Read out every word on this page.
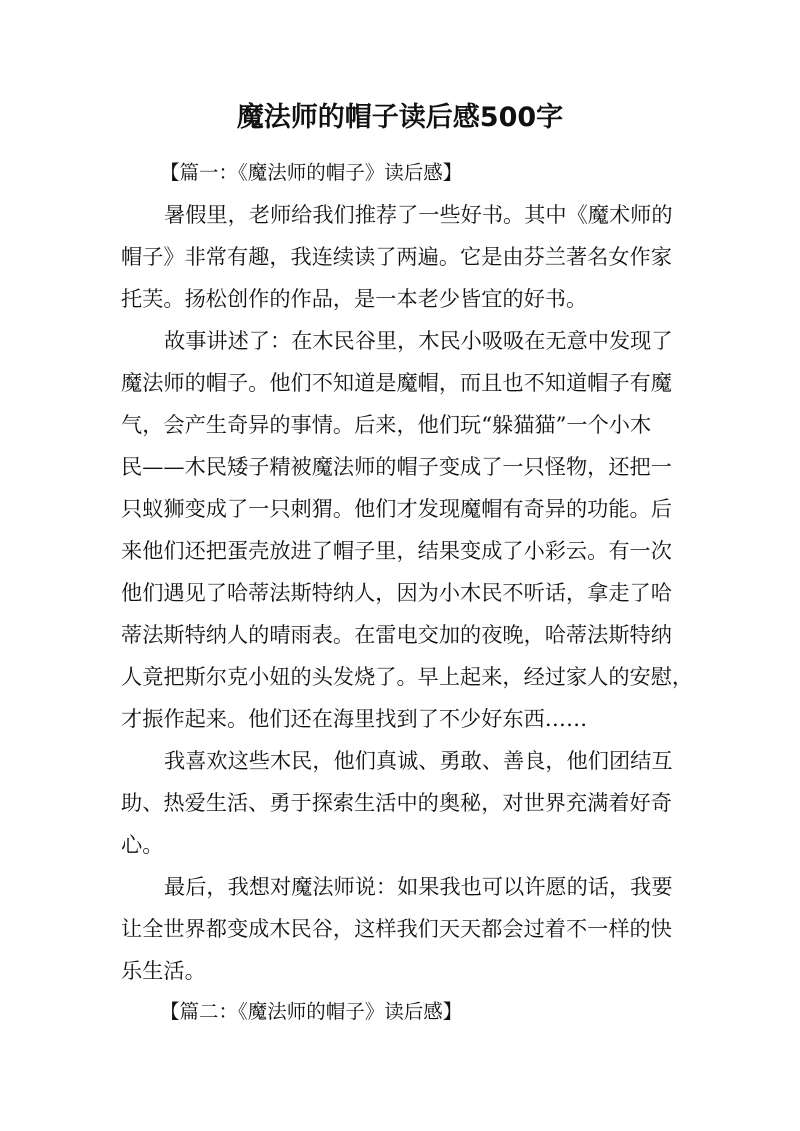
魔法师的帽子读后感500字
【篇一：《魔法师的帽子》读后感】
暑假里，老师给我们推荐了一些好书。其中《魔术师的
帽子》非常有趣，我连续读了两遍。它是由芬兰著名女作家
托芙。扬松创作的作品，是一本老少皆宜的好书。
故事讲述了：在木民谷里，木民小吸吸在无意中发现了
魔法师的帽子。他们不知道是魔帽，而且也不知道帽子有魔
气，会产生奇异的事情。后来，他们玩“躲猫猫”一个小木
民——木民矮子精被魔法师的帽子变成了一只怪物，还把一
只蚁狮变成了一只刺猬。他们才发现魔帽有奇异的功能。后
来他们还把蛋壳放进了帽子里，结果变成了小彩云。有一次
他们遇见了哈蒂法斯特纳人，因为小木民不听话，拿走了哈
蒂法斯特纳人的晴雨表。在雷电交加的夜晚，哈蒂法斯特纳
人竟把斯尔克小妞的头发烧了。早上起来，经过家人的安慰，
才振作起来。他们还在海里找到了不少好东西……
我喜欢这些木民，他们真诚、勇敢、善良，他们团结互
助、热爱生活、勇于探索生活中的奥秘，对世界充满着好奇
心。
最后，我想对魔法师说：如果我也可以许愿的话，我要
让全世界都变成木民谷，这样我们天天都会过着不一样的快
乐生活。
【篇二：《魔法师的帽子》读后感】
